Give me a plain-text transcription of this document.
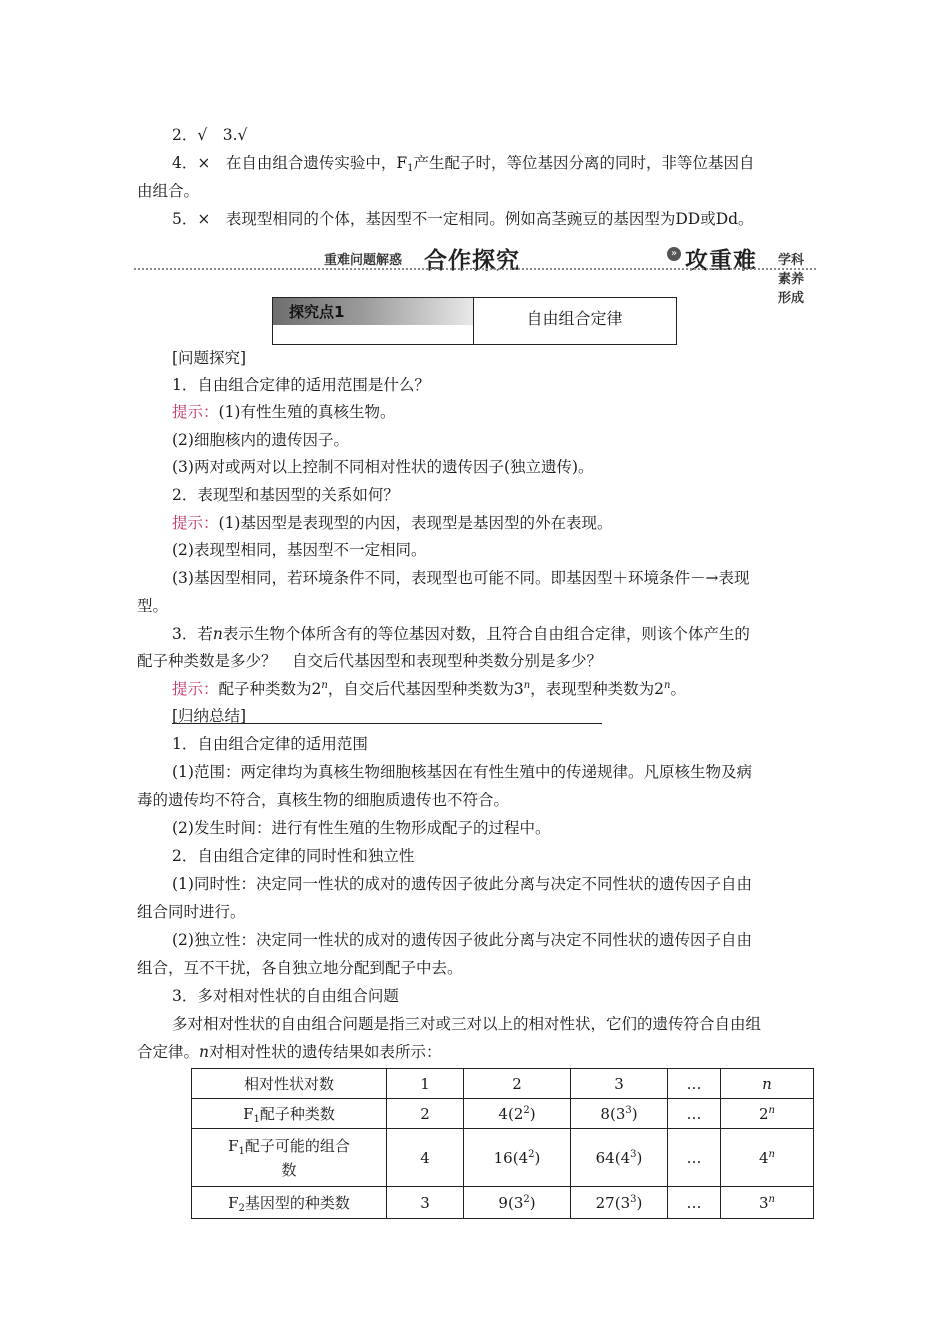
2．√　3.√
4．×　在自由组合遗传实验中，$F_1$产生配子时，等位基因分离的同时，非等位基因自
由组合。
5．×　表现型相同的个体，基因型不一定相同。例如高茎豌豆的基因型为DD或Dd。
重难问题解惑 合作探究	» 攻重难 学科素养形成
探究点1	自由组合定律
[问题探究]
1．自由组合定律的适用范围是什么？
提示：(1)有性生殖的真核生物。
(2)细胞核内的遗传因子。
(3)两对或两对以上控制不同相对性状的遗传因子(独立遗传)。
2．表现型和基因型的关系如何？
提示：(1)基因型是表现型的内因，表现型是基因型的外在表现。
(2)表现型相同，基因型不一定相同。
(3)基因型相同，若环境条件不同，表现型也可能不同。即基因型＋环境条件－→表现
型。
3．若n表示生物个体所含有的等位基因对数，且符合自由组合定律，则该个体产生的
配子种类数是多少？　自交后代基因型和表现型种类数分别是多少？
提示：配子种类数为2$^n$，自交后代基因型种类数为3$^n$，表现型种类数为2$^n$。
[归纳总结]
1．自由组合定律的适用范围
(1)范围：两定律均为真核生物细胞核基因在有性生殖中的传递规律。凡原核生物及病
毒的遗传均不符合，真核生物的细胞质遗传也不符合。
(2)发生时间：进行有性生殖的生物形成配子的过程中。
2．自由组合定律的同时性和独立性
(1)同时性：决定同一性状的成对的遗传因子彼此分离与决定不同性状的遗传因子自由
组合同时进行。
(2)独立性：决定同一性状的成对的遗传因子彼此分离与决定不同性状的遗传因子自由
组合，互不干扰，各自独立地分配到配子中去。
3．多对相对性状的自由组合问题
多对相对性状的自由组合问题是指三对或三对以上的相对性状，它们的遗传符合自由组
合定律。n对相对性状的遗传结果如表所示：
相对性状对数	1	2	3	…	n
$F_1$配子种类数	2	$4(2^2)$	$8(3^3)$	…	2$^n$
$F_1$配子可能的组合
数	4	$16(4^2)$	$64(4^3)$	…	4$^n$
$F_2$基因型的种类数	3	$9(3^2)$	$27(3^3)$	…	3$^n$
